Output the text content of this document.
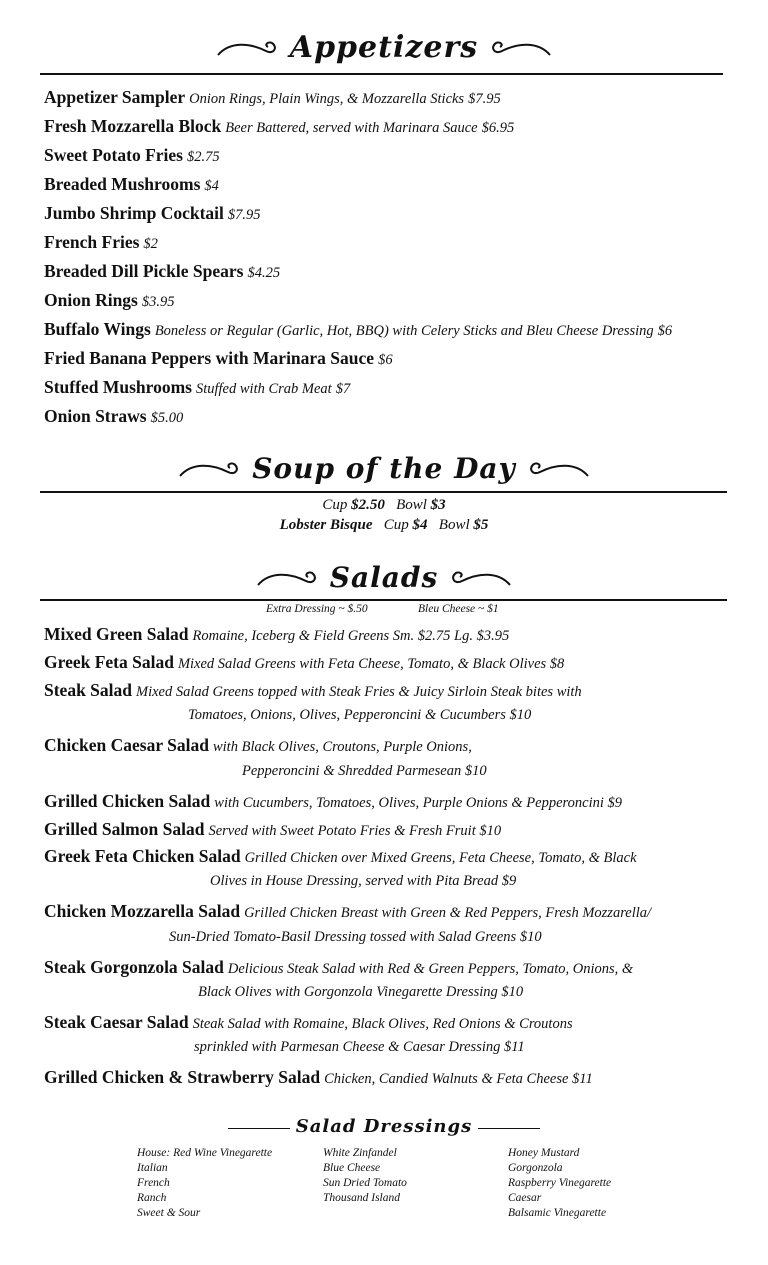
Appetizers
Appetizer Sampler Onion Rings, Plain Wings, & Mozzarella Sticks $7.95
Fresh Mozzarella Block Beer Battered, served with Marinara Sauce $6.95
Sweet Potato Fries $2.75
Breaded Mushrooms $4
Jumbo Shrimp Cocktail $7.95
French Fries $2
Breaded Dill Pickle Spears $4.25
Onion Rings $3.95
Buffalo Wings Boneless or Regular (Garlic, Hot, BBQ) with Celery Sticks and Bleu Cheese Dressing $6
Fried Banana Peppers with Marinara Sauce $6
Stuffed Mushrooms Stuffed with Crab Meat $7
Onion Straws $5.00
Soup of the Day
Cup $2.50 Bowl $3
Lobster Bisque Cup $4 Bowl $5
Salads
Extra Dressing ~ $.50	Bleu Cheese ~ $1
Mixed Green Salad Romaine, Iceberg & Field Greens Sm. $2.75 Lg. $3.95
Greek Feta Salad Mixed Salad Greens with Feta Cheese, Tomato, & Black Olives $8
Steak Salad Mixed Salad Greens topped with Steak Fries & Juicy Sirloin Steak bites with
Tomatoes, Onions, Olives, Pepperoncini & Cucumbers $10
Chicken Caesar Salad with Black Olives, Croutons, Purple Onions,
Pepperoncini & Shredded Parmesean $10
Grilled Chicken Salad with Cucumbers, Tomatoes, Olives, Purple Onions & Pepperoncini $9
Grilled Salmon Salad Served with Sweet Potato Fries & Fresh Fruit $10
Greek Feta Chicken Salad Grilled Chicken over Mixed Greens, Feta Cheese, Tomato, & Black
Olives in House Dressing, served with Pita Bread $9
Chicken Mozzarella Salad Grilled Chicken Breast with Green & Red Peppers, Fresh Mozzarella/
Sun-Dried Tomato-Basil Dressing tossed with Salad Greens $10
Steak Gorgonzola Salad Delicious Steak Salad with Red & Green Peppers, Tomato, Onions, &
Black Olives with Gorgonzola Vinegarette Dressing $10
Steak Caesar Salad Steak Salad with Romaine, Black Olives, Red Onions & Croutons
sprinkled with Parmesan Cheese & Caesar Dressing $11
Grilled Chicken & Strawberry Salad Chicken, Candied Walnuts & Feta Cheese $11
Salad Dressings
House: Red Wine Vinegarette
Italian
French
Ranch
Sweet & Sour
White Zinfandel
Blue Cheese
Sun Dried Tomato
Thousand Island
Honey Mustard
Gorgonzola
Raspberry Vinegarette
Caesar
Balsamic Vinegarette
